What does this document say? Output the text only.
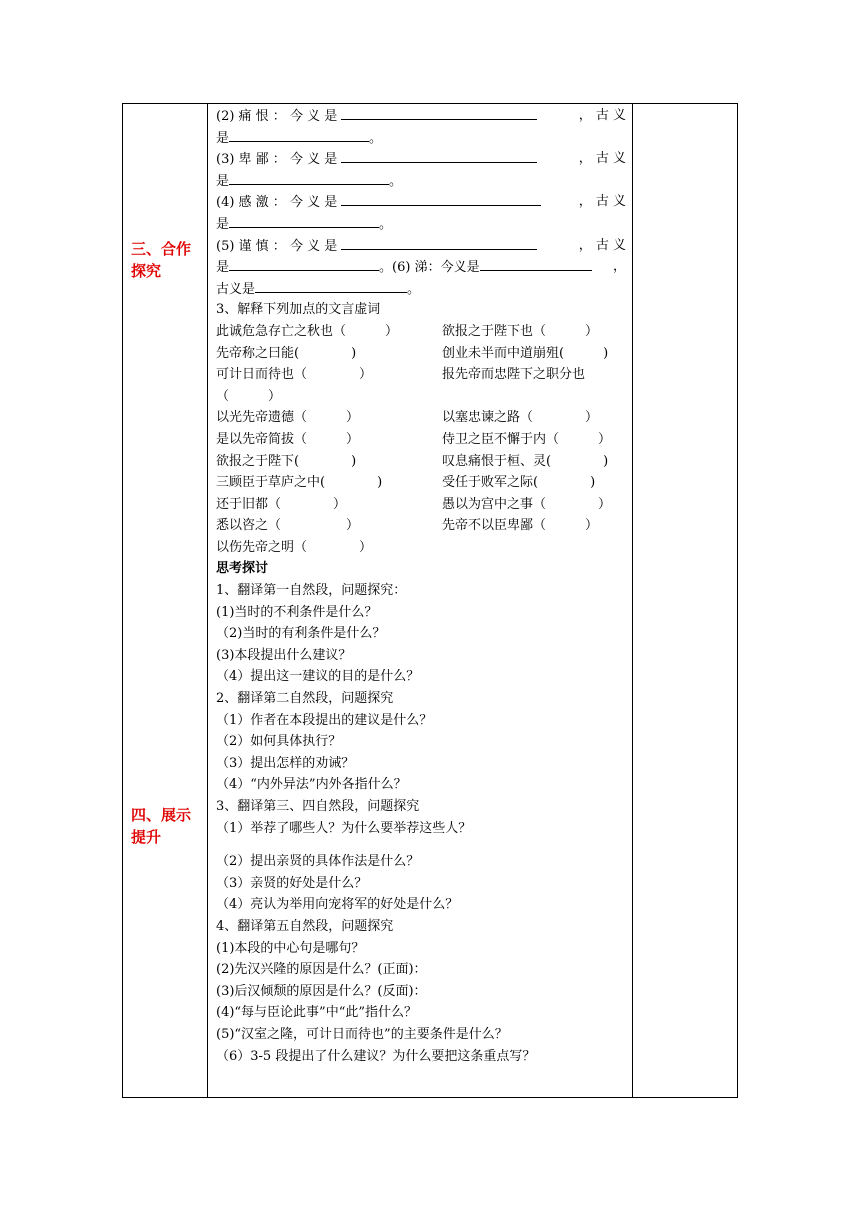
三、合作探究
四、展示提升
(2) 痛 恨 ： 今 义 是	， 古 义
是	。
(3) 卑 鄙 ： 今 义 是	， 古 义
是	。
(4) 感 激 ： 今 义 是	， 古 义
是	。
(5) 谨 慎 ： 今 义 是	， 古 义
是	。(6) 涕：今义是	，
古义是	。
3、解释下列加点的文言虚词
此诚危急存亡之秋也（　　　）	欲报之于陛下也（　　　）
先帝称之曰能(　　　　)	创业未半而中道崩殂(　　　)
可计日而待也（　　　　）	报先帝而忠陛下之职分也
（　　　）
以光先帝遗德（　　　）	以塞忠谏之路（　　　　）
是以先帝简拔（　　　）	侍卫之臣不懈于内（　　　）
欲报之于陛下(　　　　)	叹息痛恨于桓、灵(　　　　)
三顾臣于草庐之中(　　　　)	受任于败军之际(　　　　)
还于旧都（　　　　）	愚以为宫中之事（　　　　）
悉以咨之（　　　　　）	先帝不以臣卑鄙（　　　）
以伤先帝之明（　　　　）
思考探讨
1、翻译第一自然段，问题探究：
(1)当时的不利条件是什么？
（2)当时的有利条件是什么？
(3)本段提出什么建议？
（4）提出这一建议的目的是什么？
2、翻译第二自然段，问题探究
（1）作者在本段提出的建议是什么？
（2）如何具体执行？
（3）提出怎样的劝诫？
（4）“内外异法”内外各指什么？
3、翻译第三、四自然段，问题探究
（1）举荐了哪些人？为什么要举荐这些人？
（2）提出亲贤的具体作法是什么？
（3）亲贤的好处是什么？
（4）亮认为举用向宠将军的好处是什么？
4、翻译第五自然段，问题探究
(1)本段的中心句是哪句？
(2)先汉兴隆的原因是什么？(正面)：
(3)后汉倾颓的原因是什么？(反面)：
(4)“每与臣论此事”中“此”指什么？
(5)“汉室之隆，可计日而待也”的主要条件是什么？
（6）3-5 段提出了什么建议？为什么要把这条重点写？
